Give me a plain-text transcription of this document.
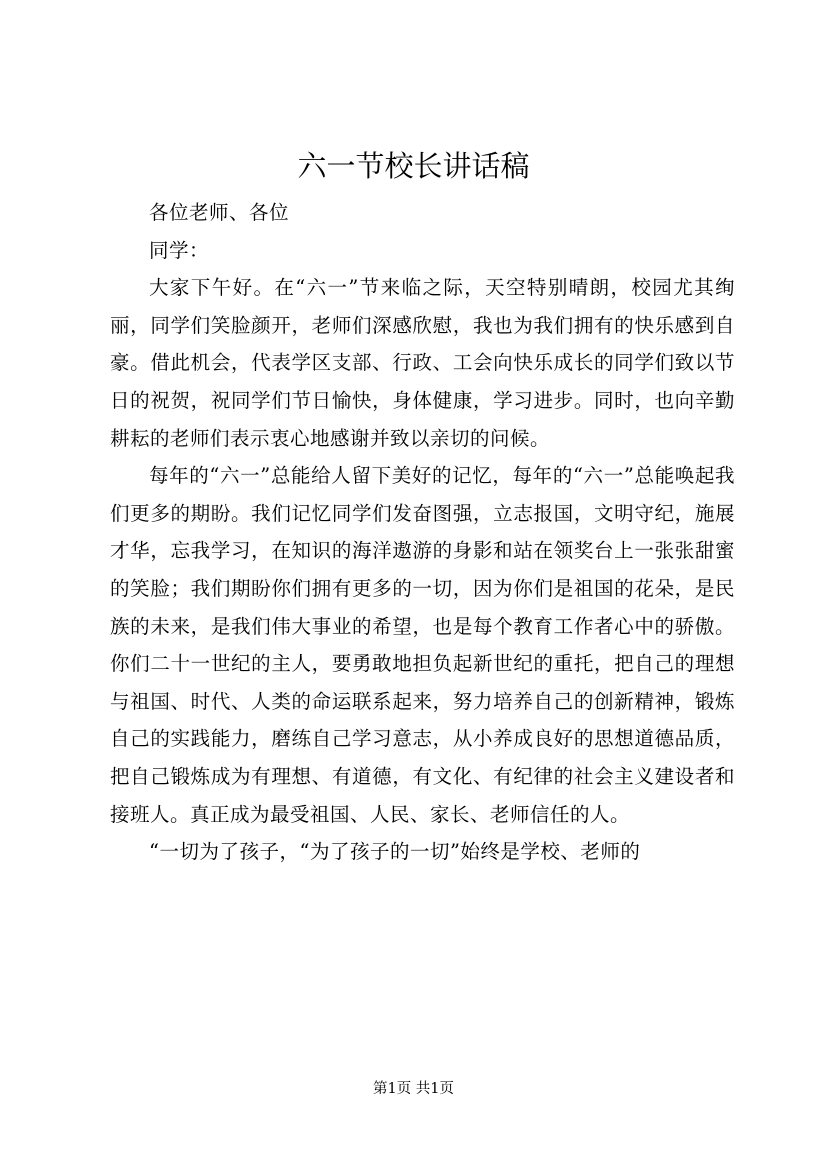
六一节校长讲话稿

各位老师、各位

同学：

大家下午好。在“六一”节来临之际，天空特别晴朗，校园尤其绚丽，同学们笑脸颜开，老师们深感欣慰，我也为我们拥有的快乐感到自豪。借此机会，代表学区支部、行政、工会向快乐成长的同学们致以节日的祝贺，祝同学们节日愉快，身体健康，学习进步。同时，也向辛勤耕耘的老师们表示衷心地感谢并致以亲切的问候。

每年的“六一”总能给人留下美好的记忆，每年的“六一”总能唤起我们更多的期盼。我们记忆同学们发奋图强，立志报国，文明守纪，施展才华，忘我学习，在知识的海洋遨游的身影和站在领奖台上一张张甜蜜的笑脸；我们期盼你们拥有更多的一切，因为你们是祖国的花朵，是民族的未来，是我们伟大事业的希望，也是每个教育工作者心中的骄傲。你们二十一世纪的主人，要勇敢地担负起新世纪的重托，把自己的理想与祖国、时代、人类的命运联系起来，努力培养自己的创新精神，锻炼自己的实践能力，磨练自己学习意志，从小养成良好的思想道德品质，把自己锻炼成为有理想、有道德，有文化、有纪律的社会主义建设者和接班人。真正成为最受祖国、人民、家长、老师信任的人。

“一切为了孩子，“为了孩子的一切”始终是学校、老师的

第1页 共1页
